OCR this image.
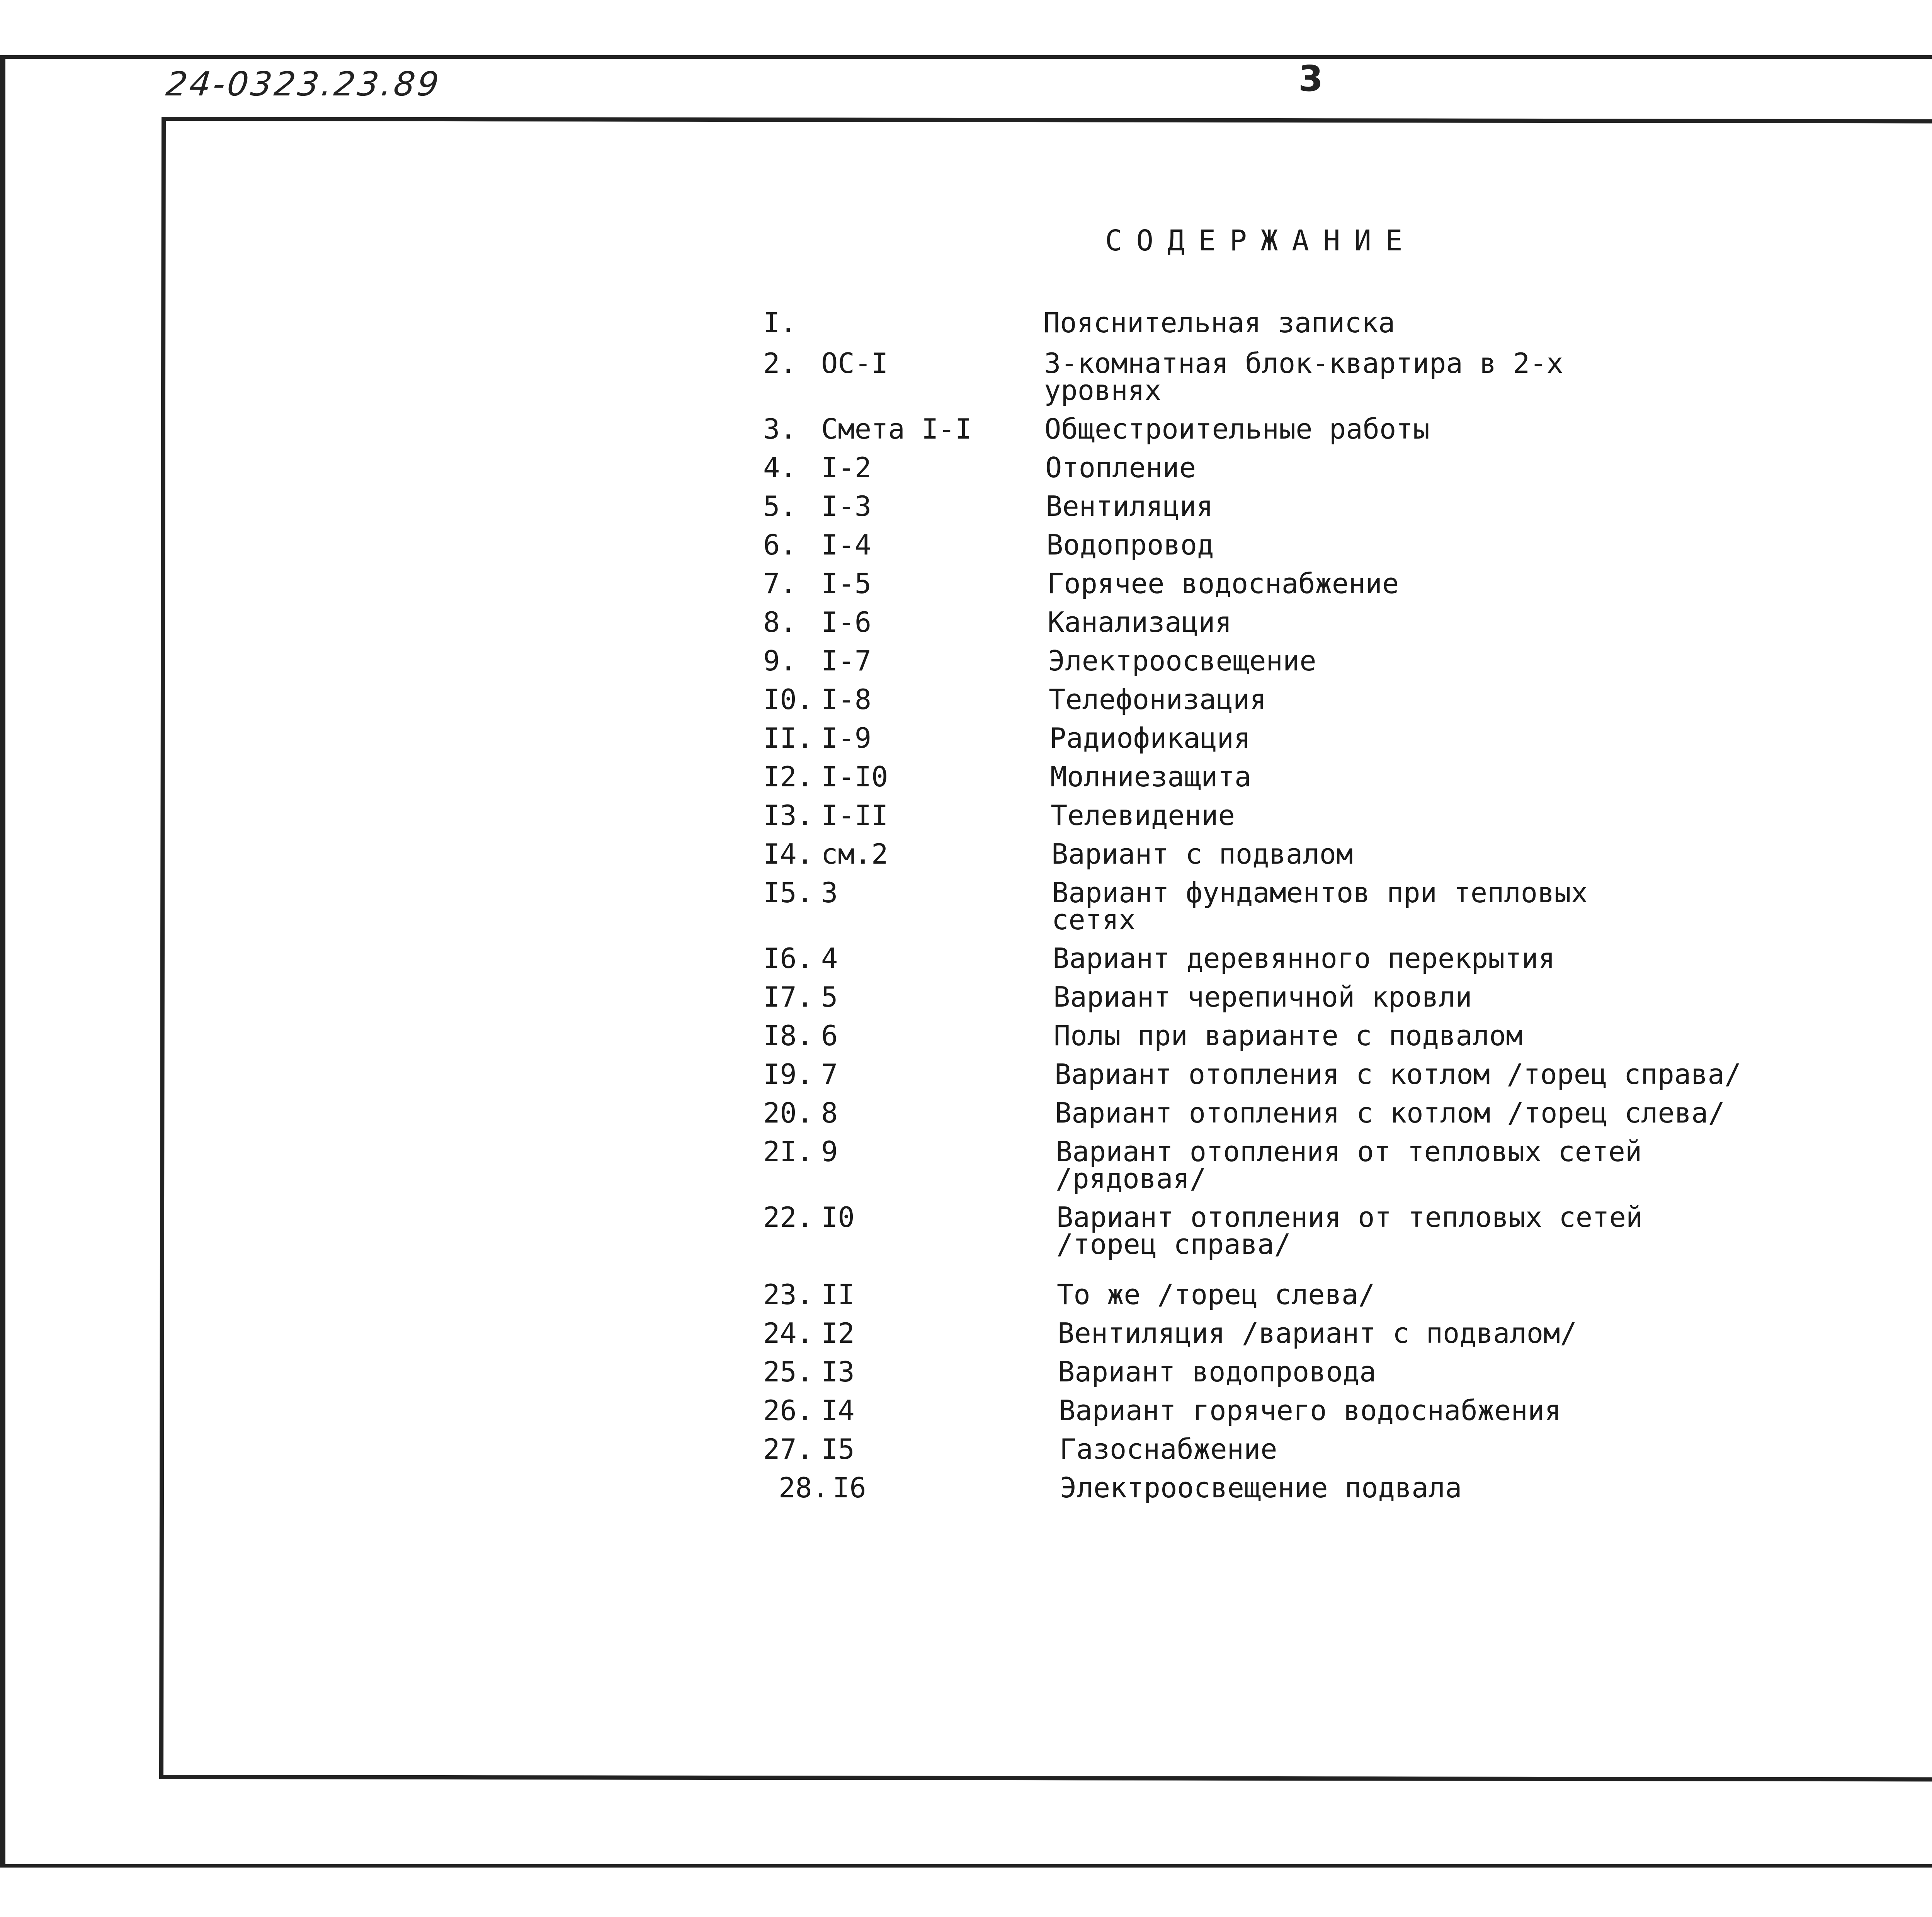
24-0323.23.89	3
СОДЕРЖАНИЕ
I.	Пояснительная записка
2. ОС-I	3-комнатная блок-квартира в 2-х
уровнях
3. Смета I-I	Общестроительные работы
4. I-2	Отопление
5. I-3	Вентиляция
6. I-4	Водопровод
7. I-5	Горячее водоснабжение
8. I-6	Канализация
9. I-7	Электроосвещение
I0. I-8	Телефонизация
II. I-9	Радиофикация
I2. I-I0	Молниезащита
I3. I-II	Телевидение
I4. см.2	Вариант с подвалом
I5. 3	Вариант фундаментов при тепловых
сетях
I6. 4	Вариант деревянного перекрытия
I7. 5	Вариант черепичной кровли
I8. 6	Полы при варианте с подвалом
I9. 7	Вариант отопления с котлом /торец справа/
20. 8	Вариант отопления с котлом /торец слева/
2I. 9	Вариант отопления от тепловых сетей
/рядовая/
22. I0	Вариант отопления от тепловых сетей
/торец справа/
23. II	То же /торец слева/
24. I2	Вентиляция /вариант с подвалом/
25. I3	Вариант водопровода
26. I4	Вариант горячего водоснабжения
27. I5	Газоснабжение
28. I6	Электроосвещение подвала
